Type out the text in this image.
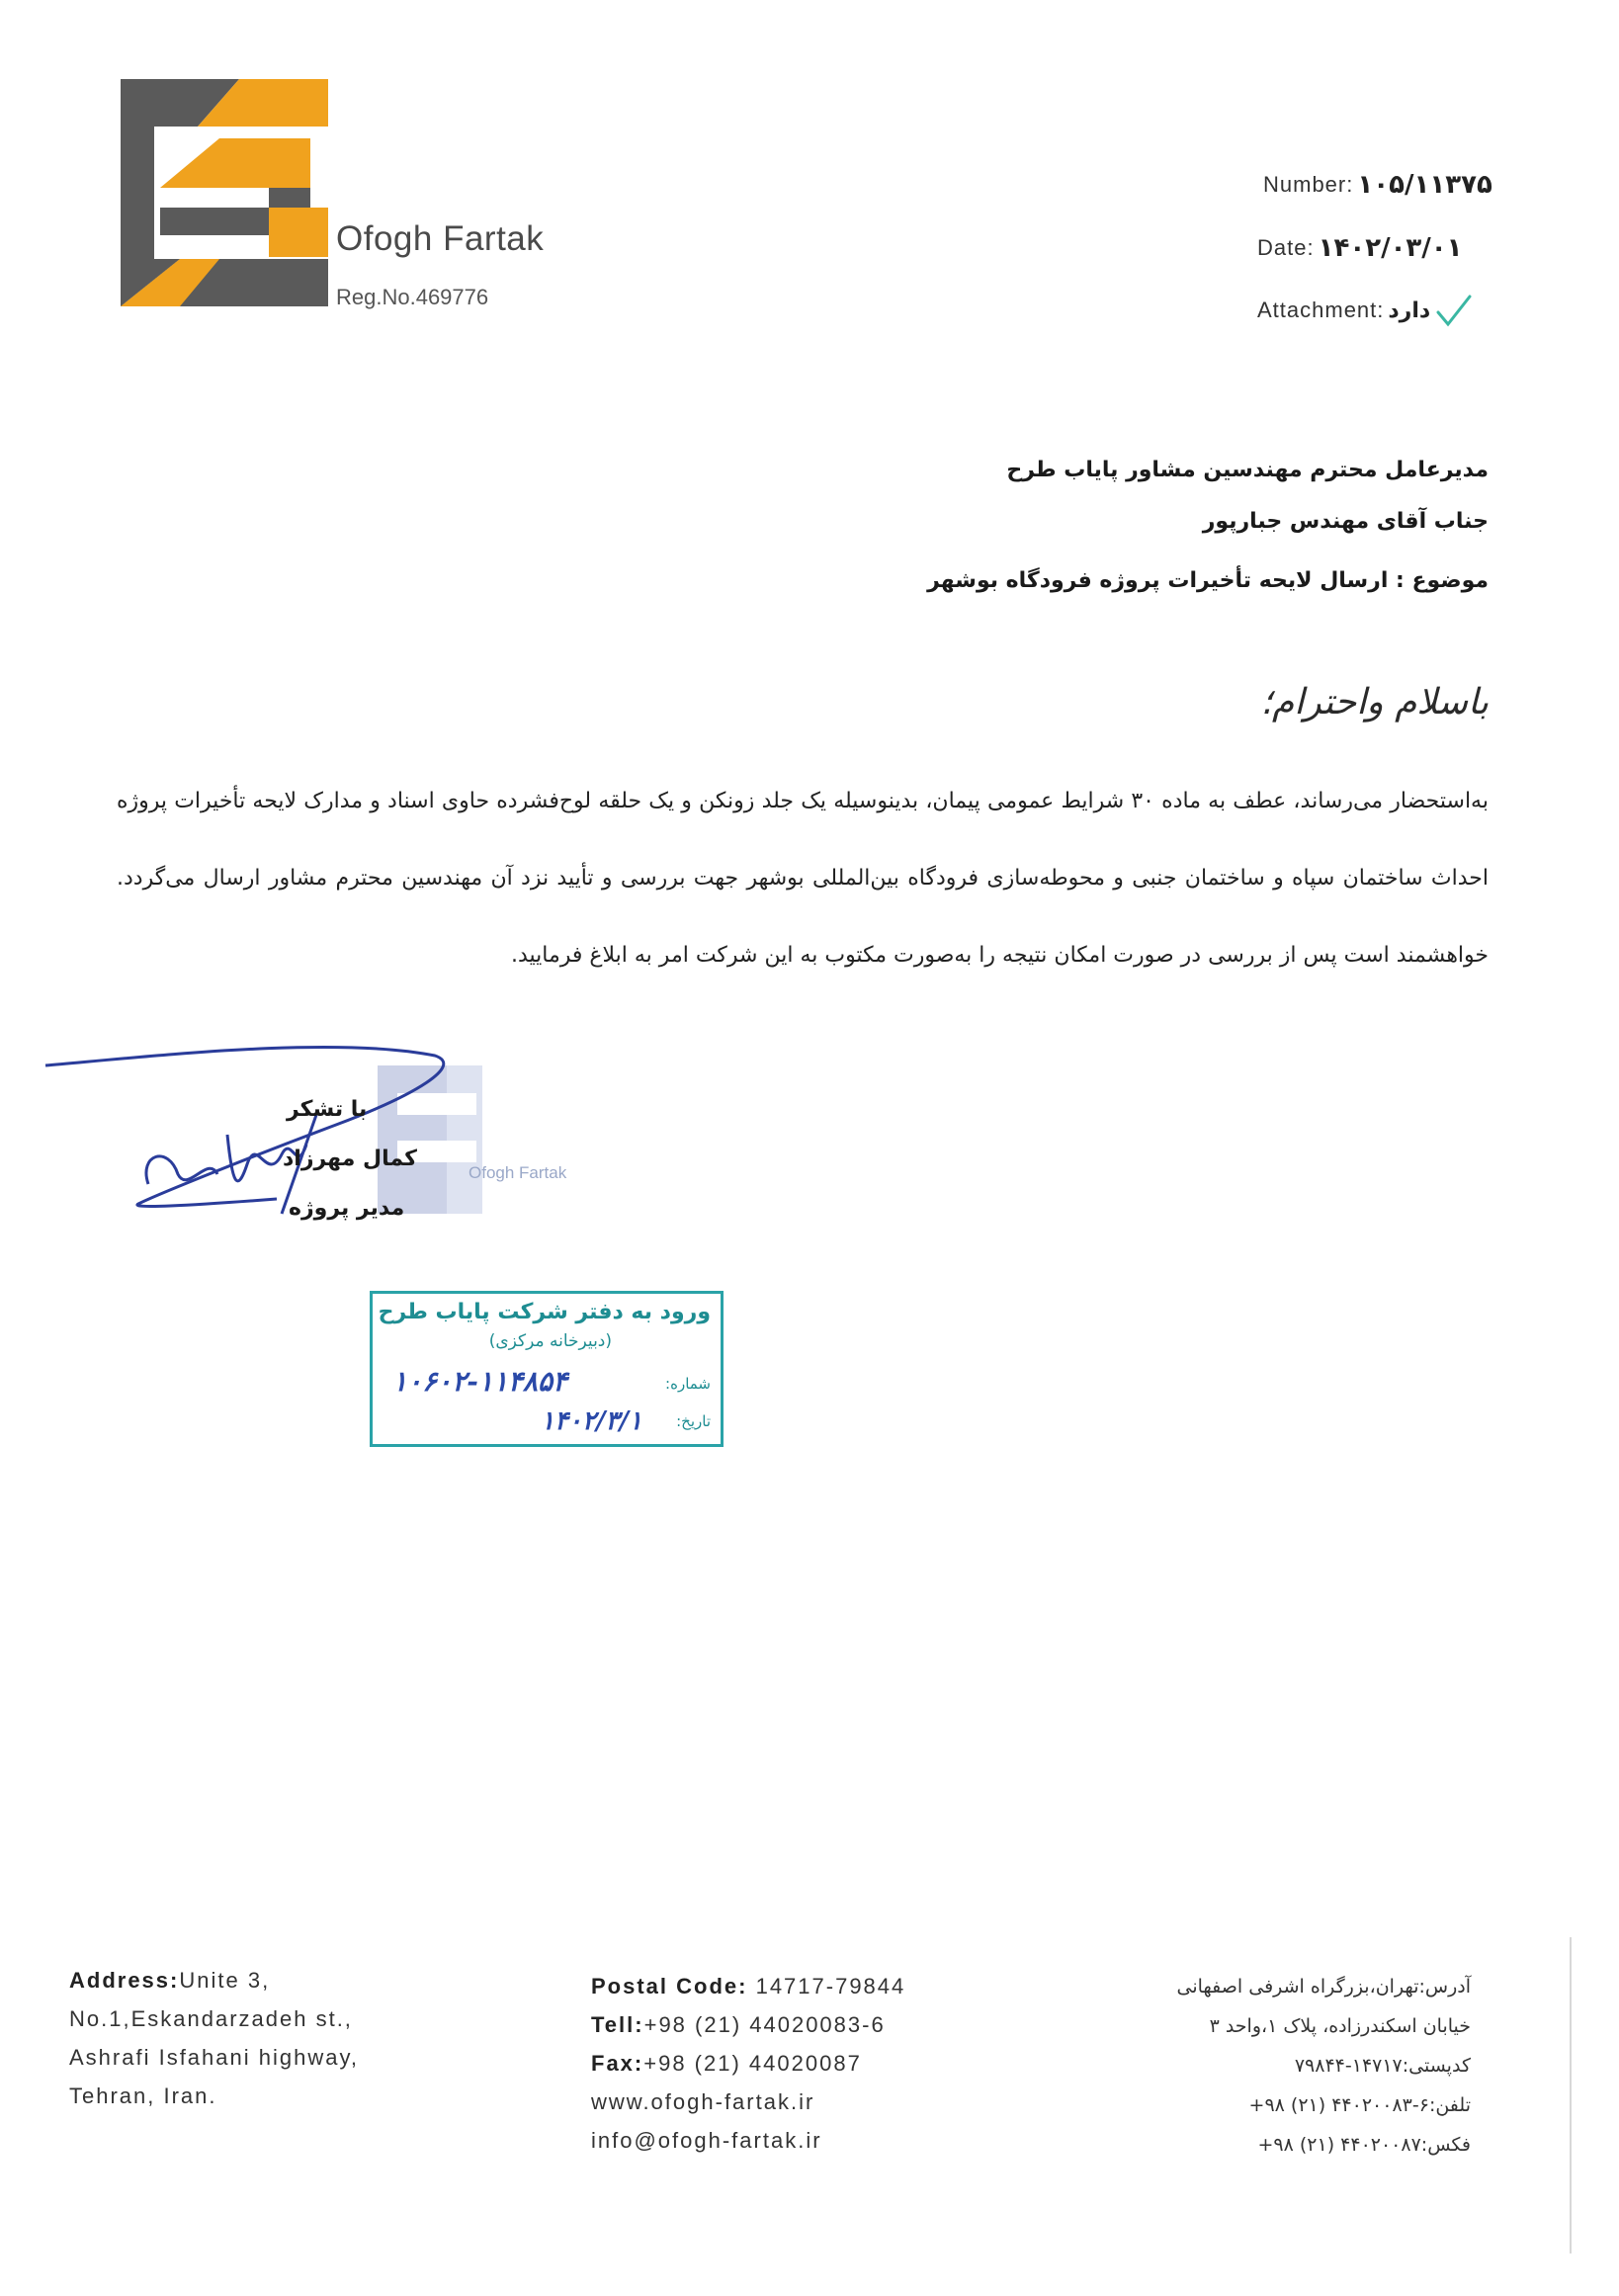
Ofogh Fartak
Reg.No.469776
Number: ۱۰۵/۱۱۳۷۵
Date: ۱۴۰۲/۰۳/۰۱
Attachment: دارد
مدیرعامل محترم مهندسین مشاور پایاب طرح
جناب آقای مهندس جبارپور
موضوع : ارسال لایحه تأخیرات پروژه فرودگاه بوشهر
باسلام واحترام؛
به‌استحضار می‌رساند، عطف به ماده ۳۰ شرایط عمومی پیمان، بدینوسیله یک جلد زونکن و یک حلقه لوح‌فشرده حاوی اسناد و مدارک لایحه تأخیرات پروژه احداث ساختمان سپاه و ساختمان جنبی و محوطه‌سازی فرودگاه بین‌المللی بوشهر جهت بررسی و تأیید نزد آن مهندسین محترم مشاور ارسال می‌گردد. خواهشمند است پس از بررسی در صورت امکان نتیجه را به‌صورت مکتوب به این شرکت امر به ابلاغ فرمایید.
با تشکر
کمال مهرزاد
مدیر پروژه
Ofogh Fartak
ورود به دفتر شرکت پایاب طرح
(دبیرخانه مرکزی)
شماره:
۱۰۶۰۲-۱۱۴۸۵۴
تاریخ:
۱۴۰۲/۳/۱
Address:Unite 3,
No.1,Eskandarzadeh st.,
Ashrafi Isfahani highway,
Tehran, Iran.
Postal Code: 14717-79844
Tell:+98 (21) 44020083-6
Fax:+98 (21) 44020087
www.ofogh-fartak.ir
info@ofogh-fartak.ir
آدرس:تهران،بزرگراه اشرفی اصفهانی
خیابان اسکندرزاده، پلاک ۱،واحد ۳
کدپستی:۱۴۷۱۷-۷۹۸۴۴
تلفن:۶-۴۴۰۲۰۰۸۳ (۲۱) ۹۸+
فکس:۴۴۰۲۰۰۸۷ (۲۱) ۹۸+
